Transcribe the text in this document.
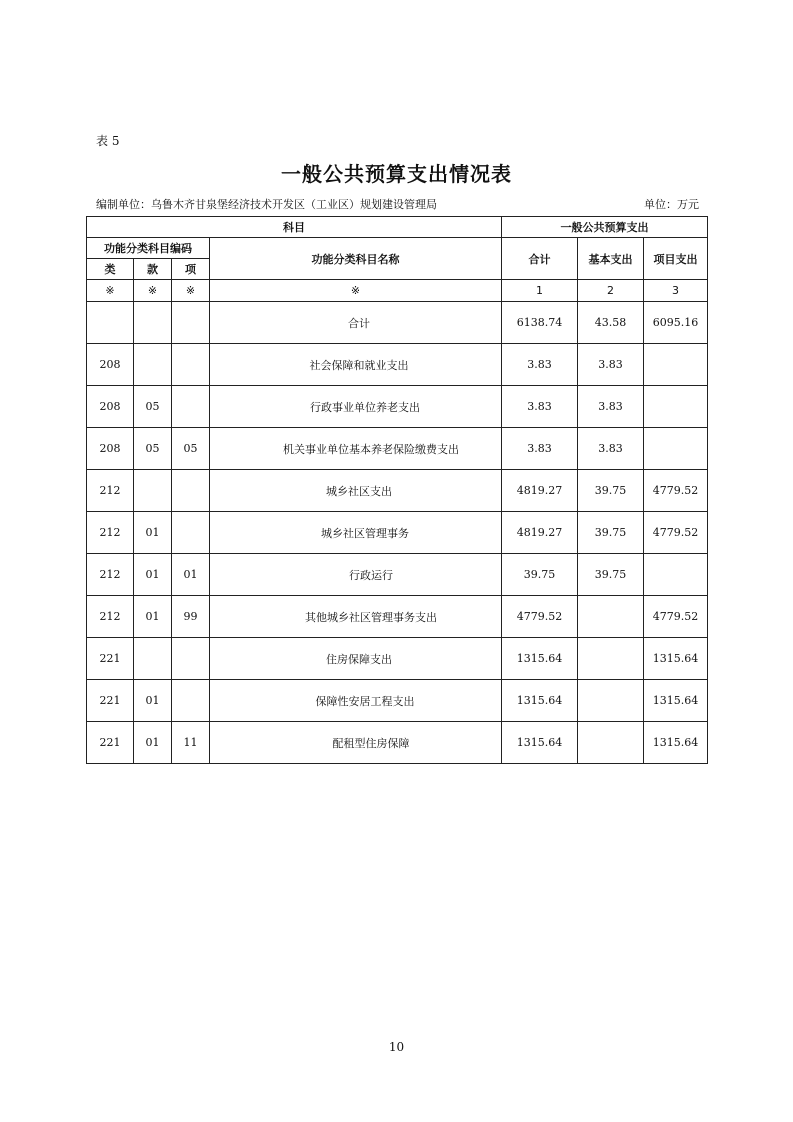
表 5
一般公共预算支出情况表
编制单位：乌鲁木齐甘泉堡经济技术开发区（工业区）规划建设管理局	单位：万元
科目				一般公共预算支出		
功能分类科目编码			功能分类科目名称	合计	基本支出	项目支出
类	款	项				
※	※	※	※	1	2	3
			合计	6138.74	43.58	6095.16
208			社会保障和就业支出	3.83	3.83	
208	05		行政事业单位养老支出	3.83	3.83	
208	05	05	机关事业单位基本养老保险缴费支出	3.83	3.83	
212			城乡社区支出	4819.27	39.75	4779.52
212	01		城乡社区管理事务	4819.27	39.75	4779.52
212	01	01	行政运行	39.75	39.75	
212	01	99	其他城乡社区管理事务支出	4779.52		4779.52
221			住房保障支出	1315.64		1315.64
221	01		保障性安居工程支出	1315.64		1315.64
221	01	11	配租型住房保障	1315.64		1315.64
10
